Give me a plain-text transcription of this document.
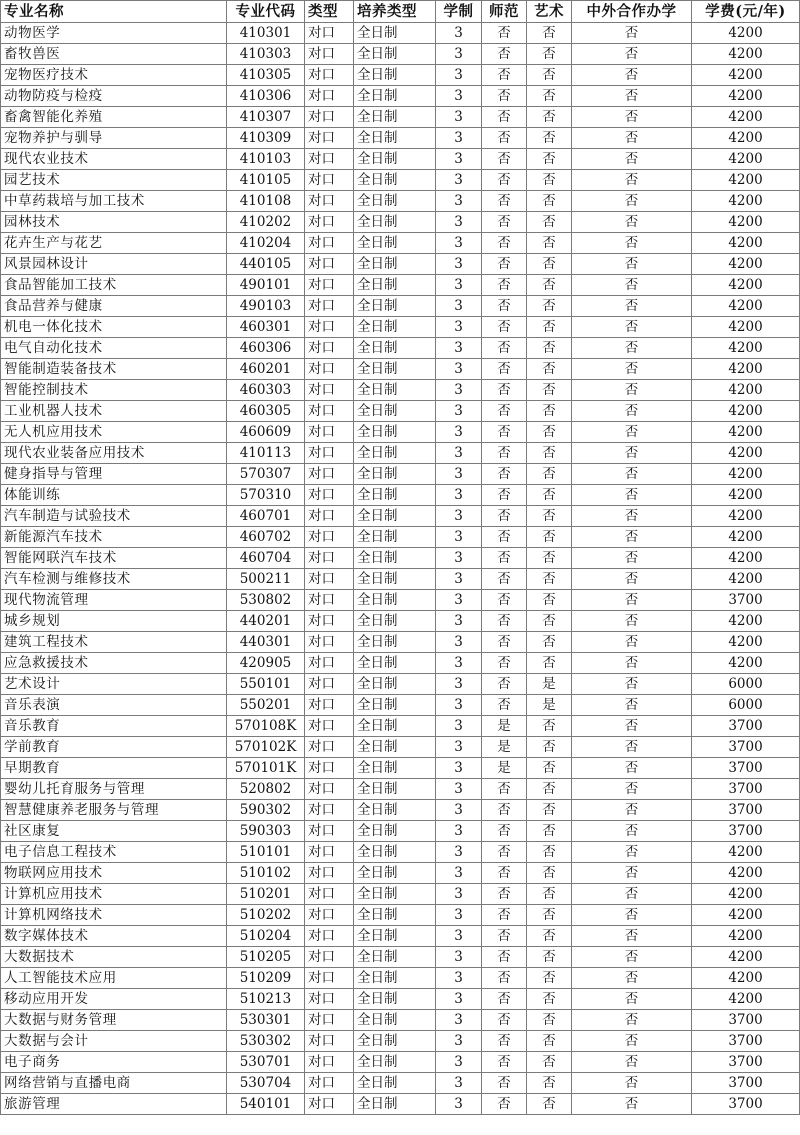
专业名称	专业代码	类型	培养类型	学制	师范	艺术	中外合作办学	学费(元/年)
动物医学	410301	对口	全日制	3	否	否	否	4200
畜牧兽医	410303	对口	全日制	3	否	否	否	4200
宠物医疗技术	410305	对口	全日制	3	否	否	否	4200
动物防疫与检疫	410306	对口	全日制	3	否	否	否	4200
畜禽智能化养殖	410307	对口	全日制	3	否	否	否	4200
宠物养护与驯导	410309	对口	全日制	3	否	否	否	4200
现代农业技术	410103	对口	全日制	3	否	否	否	4200
园艺技术	410105	对口	全日制	3	否	否	否	4200
中草药栽培与加工技术	410108	对口	全日制	3	否	否	否	4200
园林技术	410202	对口	全日制	3	否	否	否	4200
花卉生产与花艺	410204	对口	全日制	3	否	否	否	4200
风景园林设计	440105	对口	全日制	3	否	否	否	4200
食品智能加工技术	490101	对口	全日制	3	否	否	否	4200
食品营养与健康	490103	对口	全日制	3	否	否	否	4200
机电一体化技术	460301	对口	全日制	3	否	否	否	4200
电气自动化技术	460306	对口	全日制	3	否	否	否	4200
智能制造装备技术	460201	对口	全日制	3	否	否	否	4200
智能控制技术	460303	对口	全日制	3	否	否	否	4200
工业机器人技术	460305	对口	全日制	3	否	否	否	4200
无人机应用技术	460609	对口	全日制	3	否	否	否	4200
现代农业装备应用技术	410113	对口	全日制	3	否	否	否	4200
健身指导与管理	570307	对口	全日制	3	否	否	否	4200
体能训练	570310	对口	全日制	3	否	否	否	4200
汽车制造与试验技术	460701	对口	全日制	3	否	否	否	4200
新能源汽车技术	460702	对口	全日制	3	否	否	否	4200
智能网联汽车技术	460704	对口	全日制	3	否	否	否	4200
汽车检测与维修技术	500211	对口	全日制	3	否	否	否	4200
现代物流管理	530802	对口	全日制	3	否	否	否	3700
城乡规划	440201	对口	全日制	3	否	否	否	4200
建筑工程技术	440301	对口	全日制	3	否	否	否	4200
应急救援技术	420905	对口	全日制	3	否	否	否	4200
艺术设计	550101	对口	全日制	3	否	是	否	6000
音乐表演	550201	对口	全日制	3	否	是	否	6000
音乐教育	570108K	对口	全日制	3	是	否	否	3700
学前教育	570102K	对口	全日制	3	是	否	否	3700
早期教育	570101K	对口	全日制	3	是	否	否	3700
婴幼儿托育服务与管理	520802	对口	全日制	3	否	否	否	3700
智慧健康养老服务与管理	590302	对口	全日制	3	否	否	否	3700
社区康复	590303	对口	全日制	3	否	否	否	3700
电子信息工程技术	510101	对口	全日制	3	否	否	否	4200
物联网应用技术	510102	对口	全日制	3	否	否	否	4200
计算机应用技术	510201	对口	全日制	3	否	否	否	4200
计算机网络技术	510202	对口	全日制	3	否	否	否	4200
数字媒体技术	510204	对口	全日制	3	否	否	否	4200
大数据技术	510205	对口	全日制	3	否	否	否	4200
人工智能技术应用	510209	对口	全日制	3	否	否	否	4200
移动应用开发	510213	对口	全日制	3	否	否	否	4200
大数据与财务管理	530301	对口	全日制	3	否	否	否	3700
大数据与会计	530302	对口	全日制	3	否	否	否	3700
电子商务	530701	对口	全日制	3	否	否	否	3700
网络营销与直播电商	530704	对口	全日制	3	否	否	否	3700
旅游管理	540101	对口	全日制	3	否	否	否	3700
